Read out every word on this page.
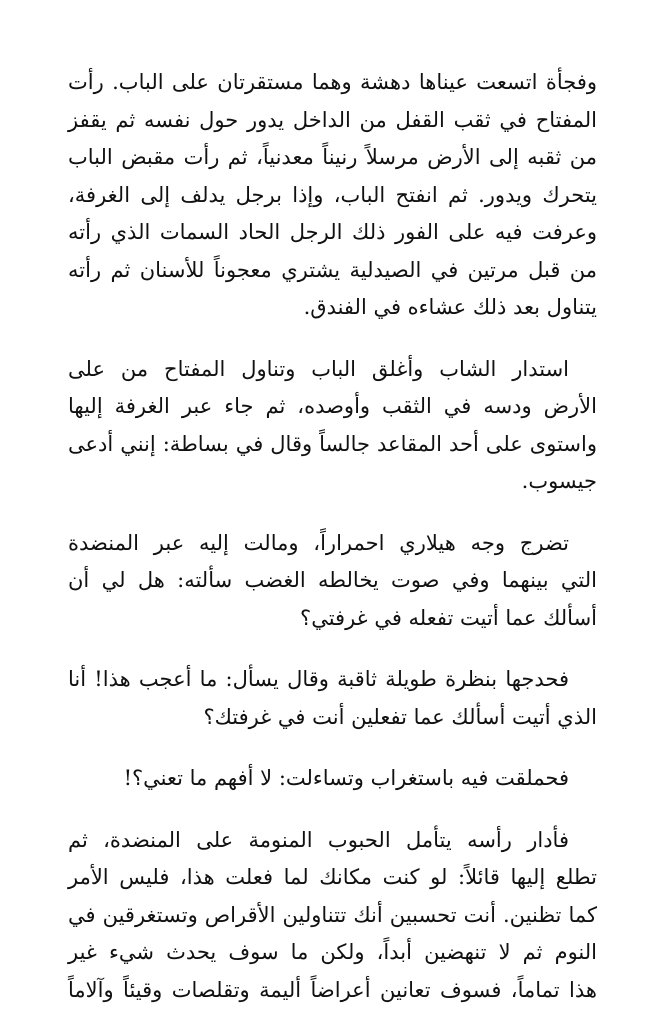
وفجأة اتسعت عيناها دهشة وهما مستقرتان على الباب. رأت
المفتاح في ثقب القفل من الداخل يدور حول نفسه ثم يقفز
من ثقبه إلى الأرض مرسلاً رنيناً معدنياً، ثم رأت مقبض الباب
يتحرك ويدور. ثم انفتح الباب، وإذا برجل يدلف إلى الغرفة،
وعرفت فيه على الفور ذلك الرجل الحاد السمات الذي رأته
من قبل مرتين في الصيدلية يشتري معجوناً للأسنان ثم رأته
يتناول بعد ذلك عشاءه في الفندق.

استدار الشاب وأغلق الباب وتناول المفتاح من على
الأرض ودسه في الثقب وأوصده، ثم جاء عبر الغرفة إليها
واستوى على أحد المقاعد جالساً وقال في بساطة: إنني أدعى
جيسوب.

تضرج وجه هيلاري احمراراً، ومالت إليه عبر المنضدة
التي بينهما وفي صوت يخالطه الغضب سألته: هل لي أن
أسألك عما أتيت تفعله في غرفتي؟

فحدجها بنظرة طويلة ثاقبة وقال يسأل: ما أعجب هذا! أنا
الذي أتيت أسألك عما تفعلين أنت في غرفتك؟

فحملقت فيه باستغراب وتساءلت: لا أفهم ما تعني؟!

فأدار رأسه يتأمل الحبوب المنومة على المنضدة، ثم
تطلع إليها قائلاً: لو كنت مكانك لما فعلت هذا، فليس الأمر
كما تظنين. أنت تحسبين أنك تتناولين الأقراص وتستغرقين في
النوم ثم لا تنهضين أبداً، ولكن ما سوف يحدث شيء غير
هذا تماماً، فسوف تعانين أعراضاً أليمة وتقلصات وقيئاً وآلاماً
